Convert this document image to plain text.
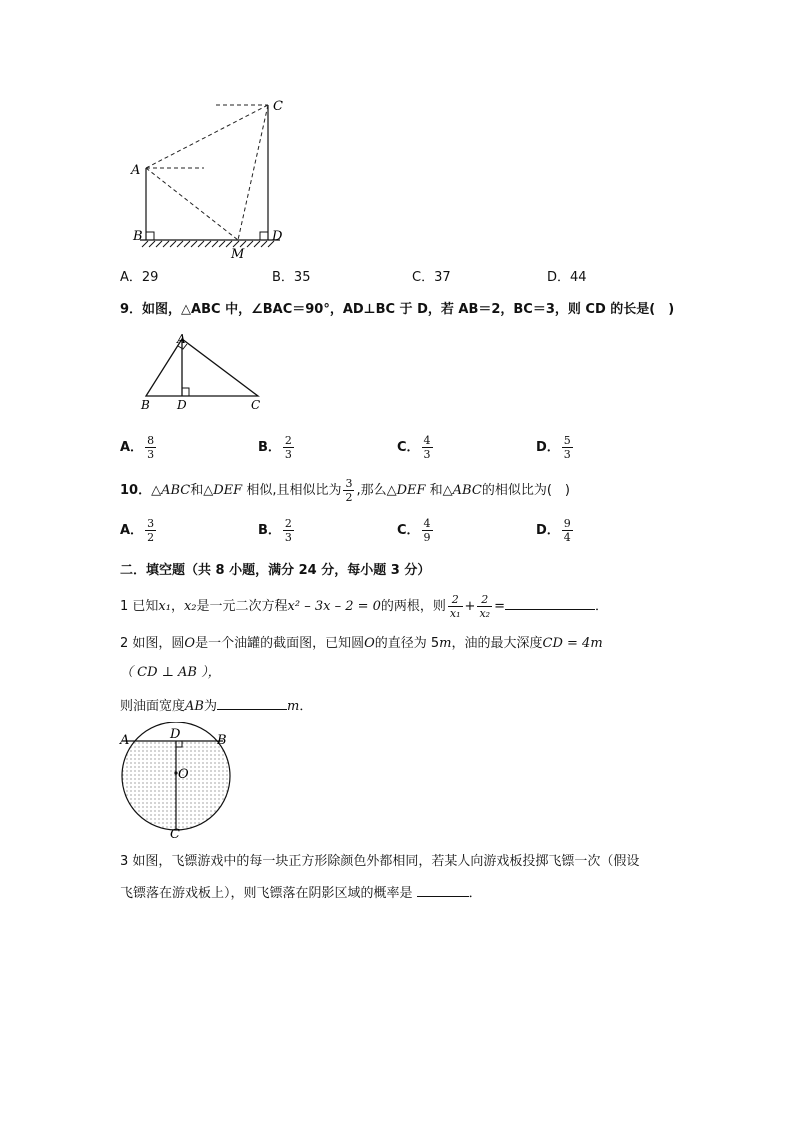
A
B
C
D
M
A．29	B．35	C．37	D．44
9．如图，△ABC 中，∠BAC＝90°，AD⊥BC 于 D，若 AB＝2，BC＝3，则 CD 的长是(　)
A
B D	C
A． $\frac{8}{3}$	B． $\frac{2}{3}$	C． $\frac{4}{3}$	D． $\frac{5}{3}$
10．△ABC和△DEF 相似,且相似比为 $\frac{3}{2}$ ,那么△DEF 和△ABC的相似比为(　)
A． $\frac{3}{2}$	B． $\frac{2}{3}$	C． $\frac{4}{9}$	D． $\frac{9}{4}$
二．填空题（共 8 小题，满分 24 分，每小题 3 分）
1 已知x₁，x₂是一元二次方程x² – 3x – 2 = 0的两根，则 $\frac{2}{\text{x₁}} + \frac{2}{\text{x₂}}$ =	．
2 如图，圆O是一个油罐的截面图，已知圆O的直径为 5m，油的最大深度CD = 4m
（ CD ⊥ AB ），
则油面宽度AB为	m．
A	B
D
O
C
3 如图，飞镖游戏中的每一块正方形除颜色外都相同，若某人向游戏板投掷飞镖一次（假设
飞镖落在游戏板上），则飞镖落在阴影区域的概率是	．
